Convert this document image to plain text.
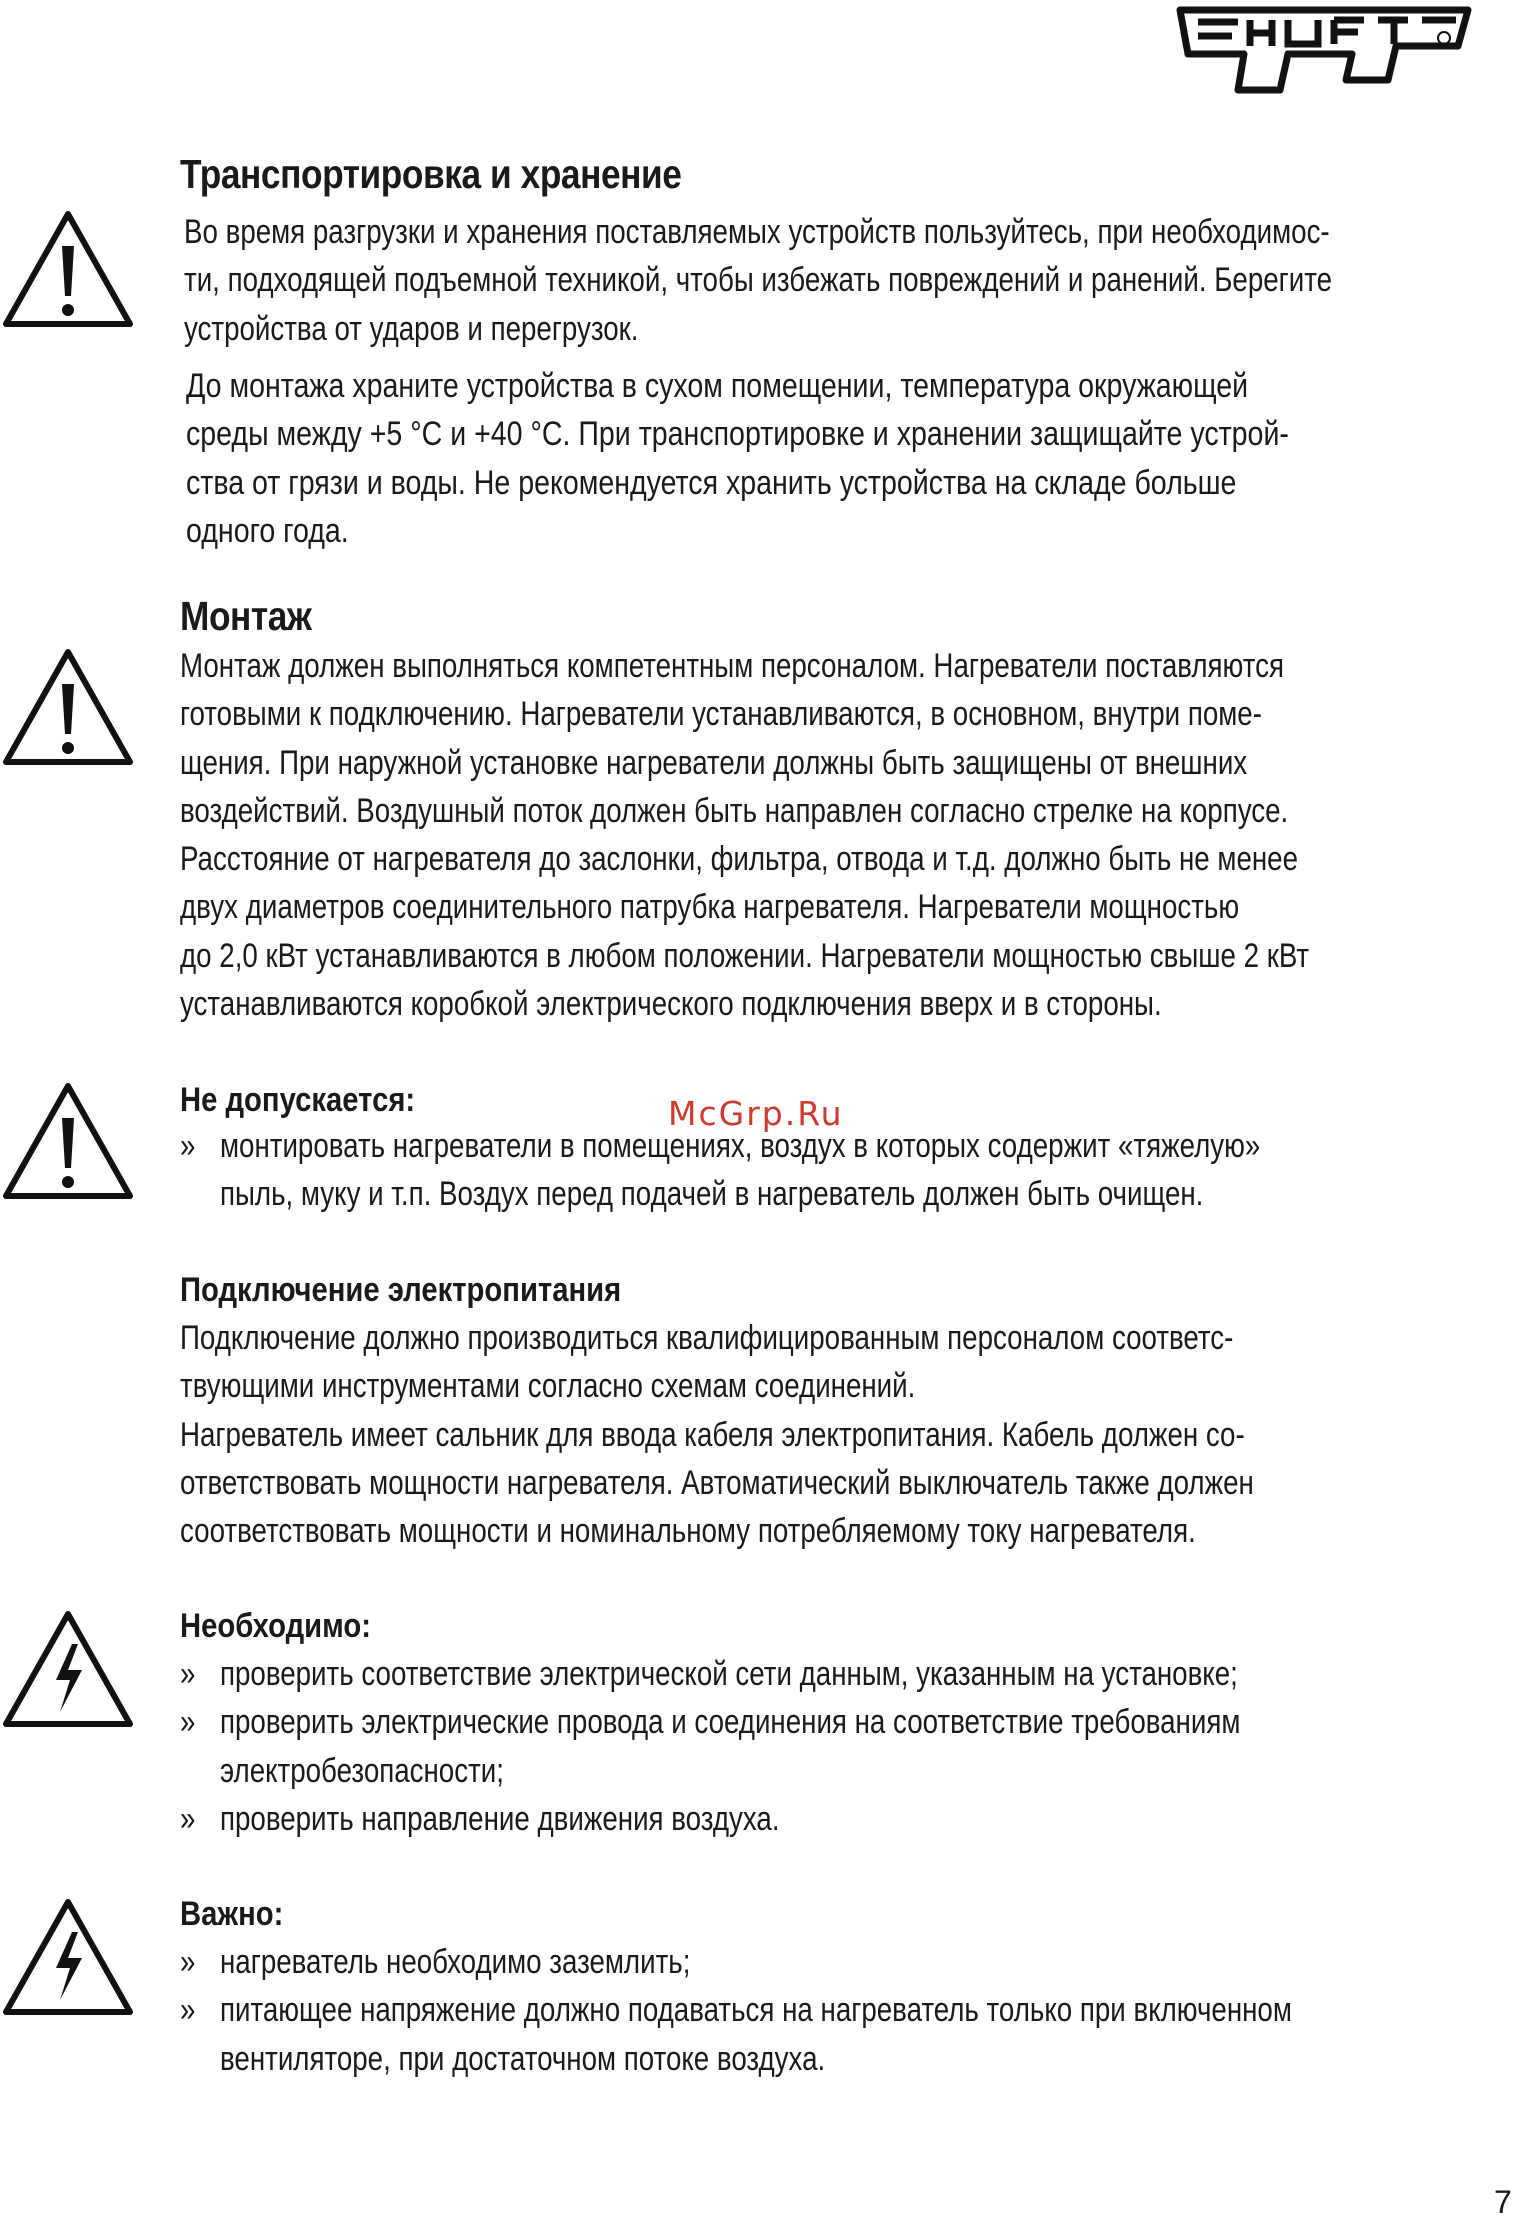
Транспортировка и хранение
Во время разгрузки и хранения поставляемых устройств пользуйтесь, при необходимос-
ти, подходящей подъемной техникой, чтобы избежать повреждений и ранений. Берегите
устройства от ударов и перегрузок.
До монтажа храните устройства в сухом помещении, температура окружающей
среды между +5 °С и +40 °С. При транспортировке и хранении защищайте устрой-
ства от грязи и воды. Не рекомендуется хранить устройства на складе больше
одного года.
Монтаж
Монтаж должен выполняться компетентным персоналом. Нагреватели поставляются
готовыми к подключению. Нагреватели устанавливаются, в основном, внутри поме-
щения. При наружной установке нагреватели должны быть защищены от внешних
воздействий. Воздушный поток должен быть направлен согласно стрелке на корпусе.
Расстояние от нагревателя до заслонки, фильтра, отвода и т.д. должно быть не менее
двух диаметров соединительного патрубка нагревателя. Нагреватели мощностью
до 2,0 кВт устанавливаются в любом положении. Нагреватели мощностью свыше 2 кВт
устанавливаются коробкой электрического подключения вверх и в стороны.
Не допускается:
» монтировать нагреватели в помещениях, воздух в которых содержит «тяжелую»
пыль, муку и т.п. Воздух перед подачей в нагреватель должен быть очищен.
Подключение электропитания
Подключение должно производиться квалифицированным персоналом соответс-
твующими инструментами согласно схемам соединений.
Нагреватель имеет сальник для ввода кабеля электропитания. Кабель должен со-
ответствовать мощности нагревателя. Автоматический выключатель также должен
соответствовать мощности и номинальному потребляемому току нагревателя.
Необходимо:
» проверить соответствие электрической сети данным, указанным на установке;
» проверить электрические провода и соединения на соответствие требованиям
электробезопасности;
» проверить направление движения воздуха.
Важно:
» нагреватель необходимо заземлить;
» питающее напряжение должно подаваться на нагреватель только при включенном
вентиляторе, при достаточном потоке воздуха.
McGrp.Ru
7
